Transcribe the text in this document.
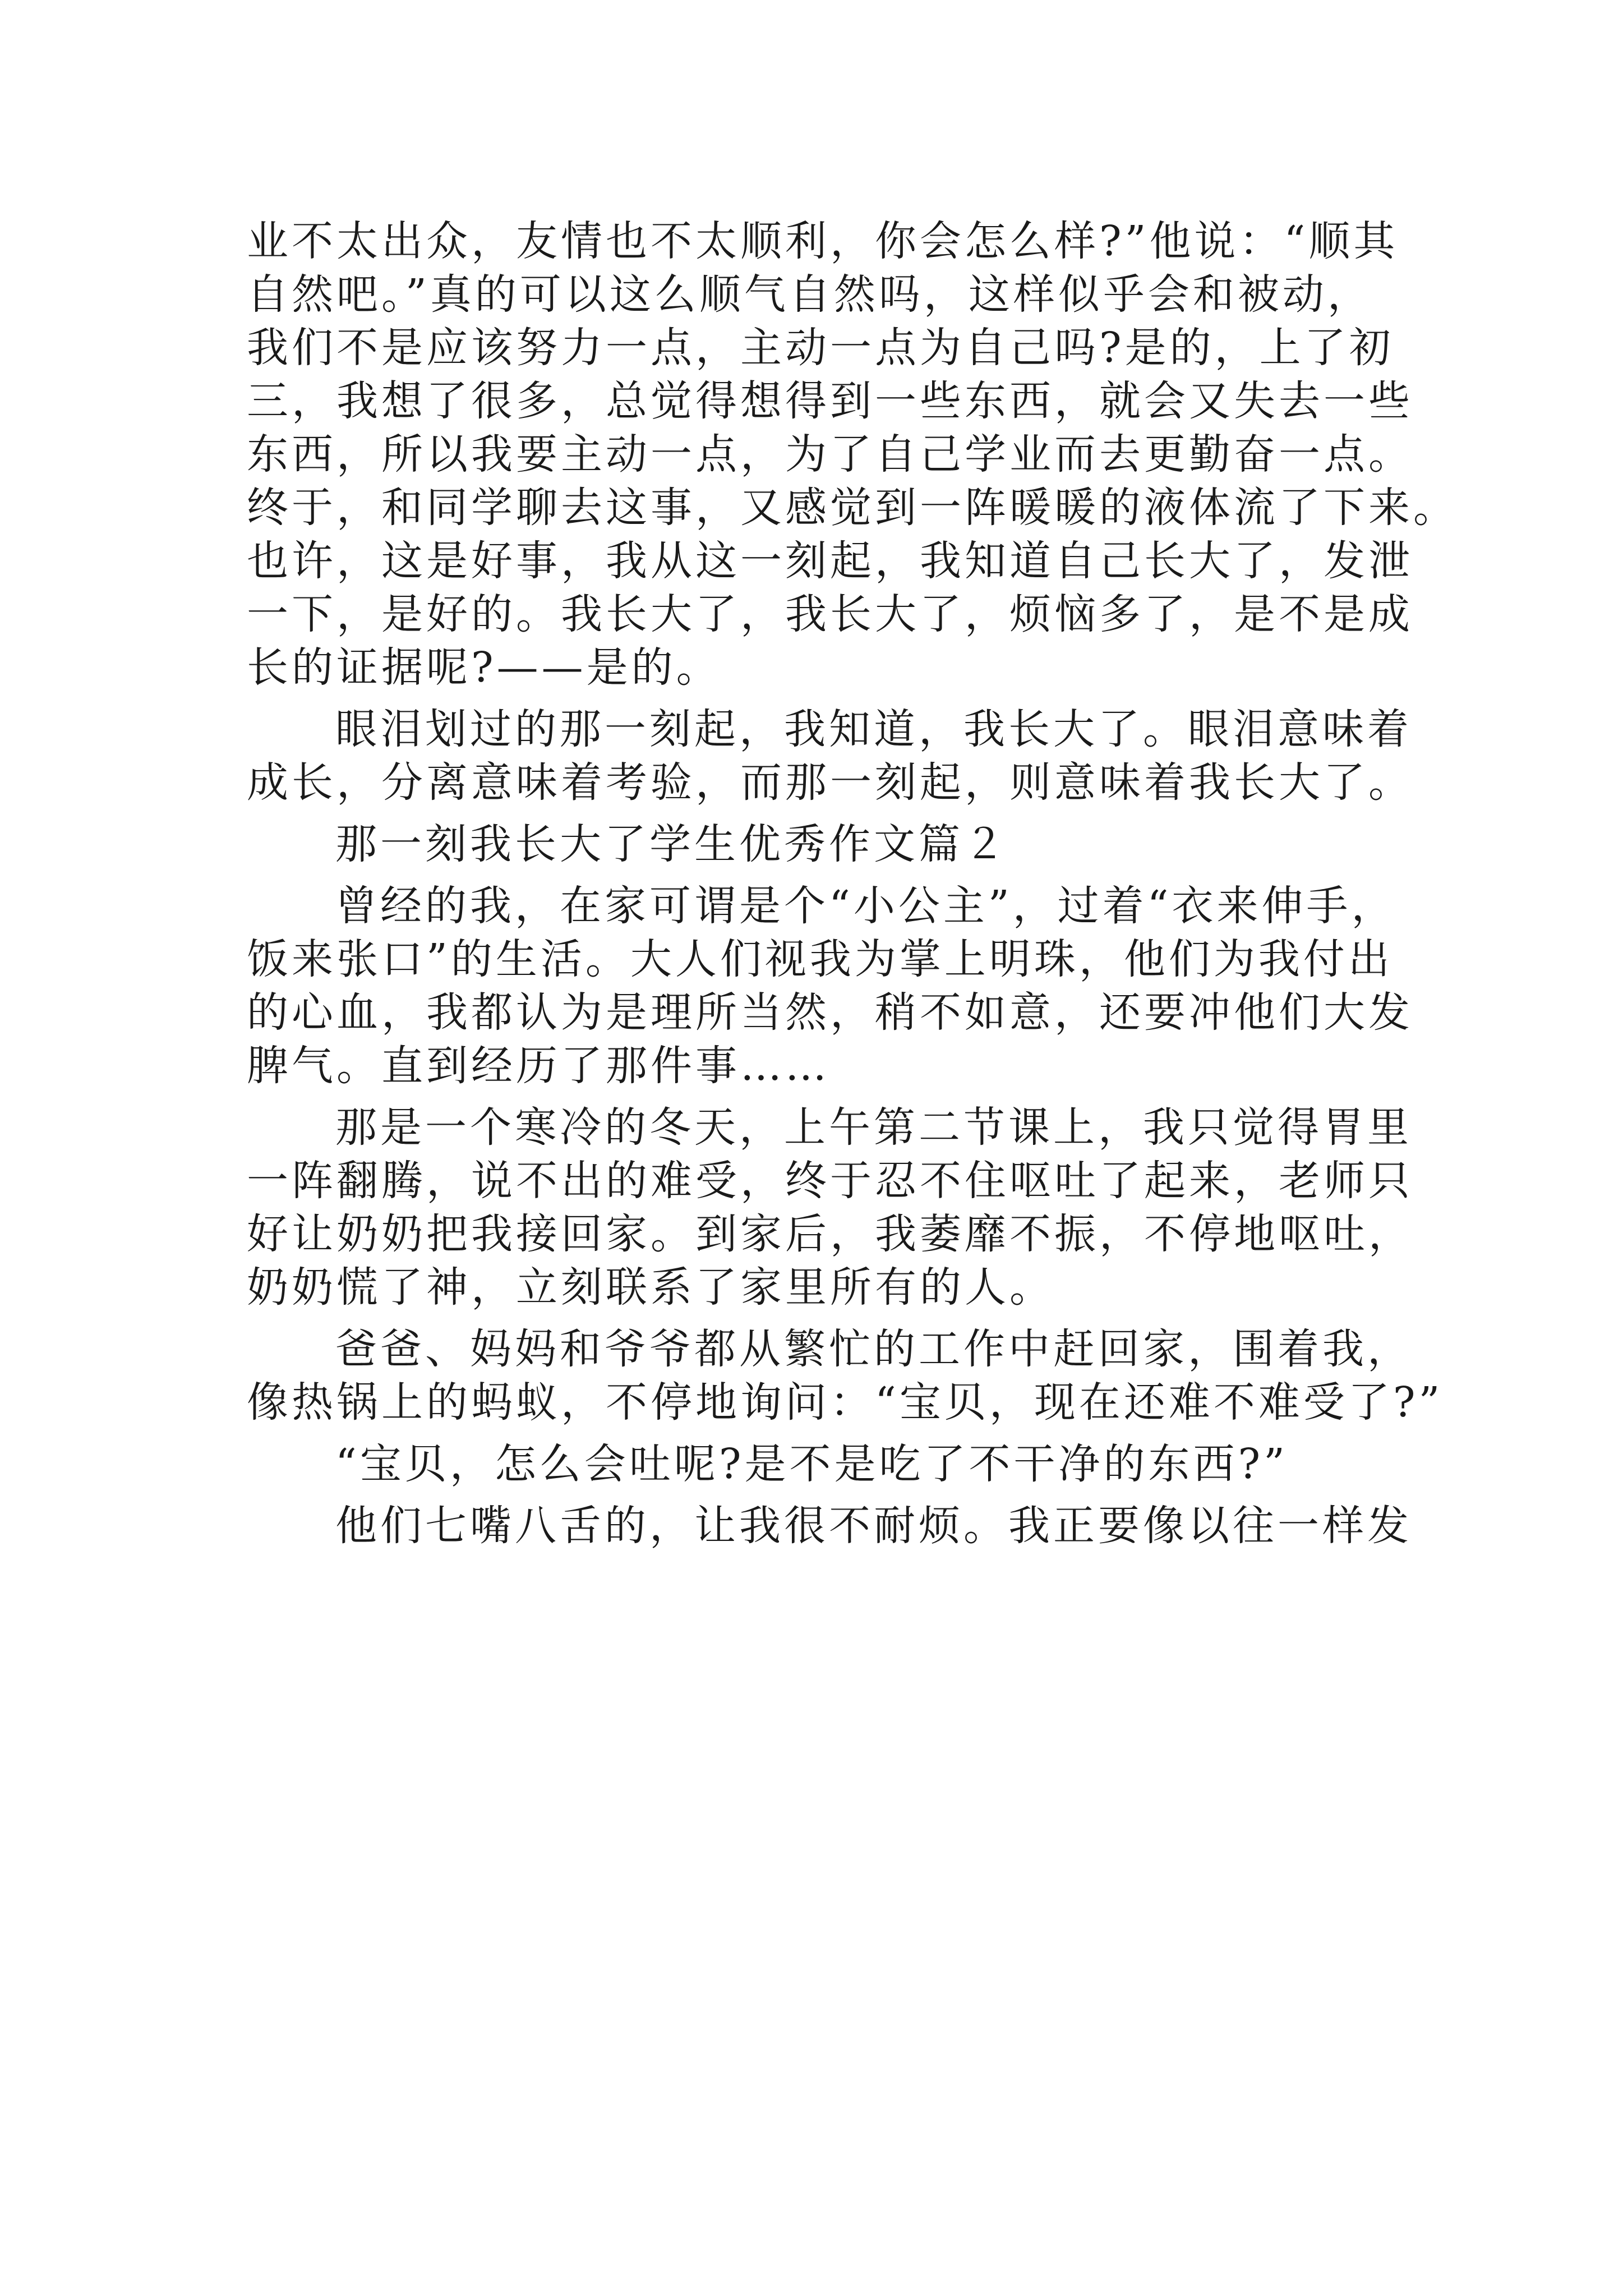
业不太出众，友情也不太顺利，你会怎么样?”他说：“顺其
自然吧。”真的可以这么顺气自然吗，这样似乎会和被动，
我们不是应该努力一点，主动一点为自己吗?是的，上了初
三，我想了很多，总觉得想得到一些东西，就会又失去一些
东西，所以我要主动一点，为了自己学业而去更勤奋一点。
终于，和同学聊去这事，又感觉到一阵暖暖的液体流了下来。
也许，这是好事，我从这一刻起，我知道自己长大了，发泄
一下，是好的。我长大了，我长大了，烦恼多了，是不是成
长的证据呢?——是的。
眼泪划过的那一刻起，我知道，我长大了。眼泪意味着
成长，分离意味着考验，而那一刻起，则意味着我长大了。
那一刻我长大了学生优秀作文篇２
曾经的我，在家可谓是个“小公主”，过着“衣来伸手，
饭来张口”的生活。大人们视我为掌上明珠，他们为我付出
的心血，我都认为是理所当然，稍不如意，还要冲他们大发
脾气。直到经历了那件事……
那是一个寒冷的冬天，上午第二节课上，我只觉得胃里
一阵翻腾，说不出的难受，终于忍不住呕吐了起来，老师只
好让奶奶把我接回家。到家后，我萎靡不振，不停地呕吐，
奶奶慌了神，立刻联系了家里所有的人。
爸爸、妈妈和爷爷都从繁忙的工作中赶回家，围着我，
像热锅上的蚂蚁，不停地询问：“宝贝，现在还难不难受了?”
“宝贝，怎么会吐呢?是不是吃了不干净的东西?”
他们七嘴八舌的，让我很不耐烦。我正要像以往一样发
